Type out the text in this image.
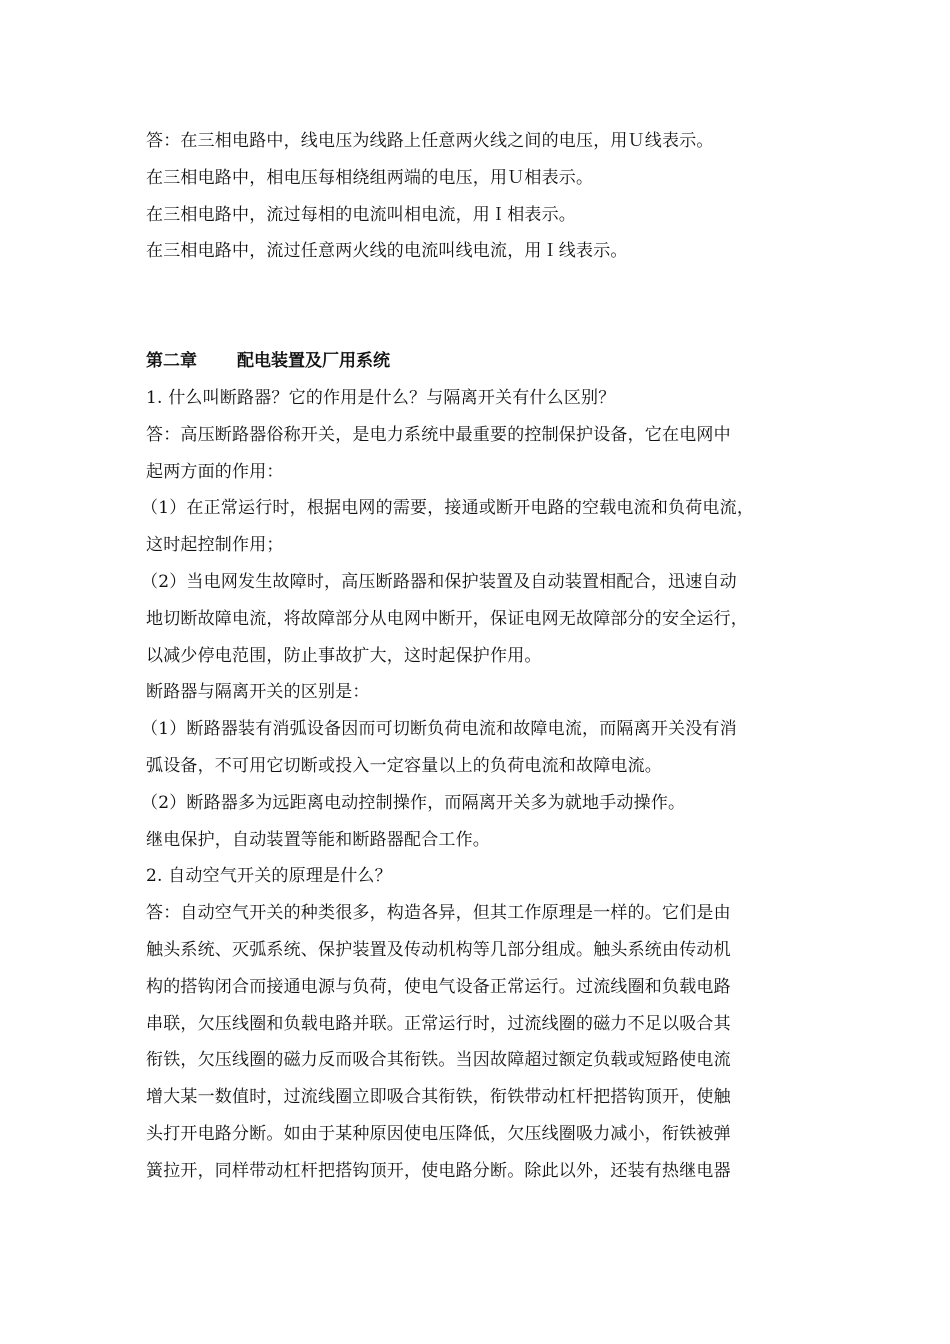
答：在三相电路中，线电压为线路上任意两火线之间的电压，用Ｕ线表示。
在三相电路中，相电压每相绕组两端的电压，用Ｕ相表示。
在三相电路中，流过每相的电流叫相电流，用Ｉ相表示。
在三相电路中，流过任意两火线的电流叫线电流，用Ｉ线表示。
第二章 配电装置及厂用系统
1. 什么叫断路器？它的作用是什么？与隔离开关有什么区别？
答：高压断路器俗称开关，是电力系统中最重要的控制保护设备，它在电网中
起两方面的作用：
（1）在正常运行时，根据电网的需要，接通或断开电路的空载电流和负荷电流，
这时起控制作用；
（2）当电网发生故障时，高压断路器和保护装置及自动装置相配合，迅速自动
地切断故障电流，将故障部分从电网中断开，保证电网无故障部分的安全运行，
以减少停电范围，防止事故扩大，这时起保护作用。
断路器与隔离开关的区别是：
（1）断路器装有消弧设备因而可切断负荷电流和故障电流，而隔离开关没有消
弧设备，不可用它切断或投入一定容量以上的负荷电流和故障电流。
（2）断路器多为远距离电动控制操作，而隔离开关多为就地手动操作。
继电保护，自动装置等能和断路器配合工作。
2. 自动空气开关的原理是什么？
答：自动空气开关的种类很多，构造各异，但其工作原理是一样的。它们是由
触头系统、灭弧系统、保护装置及传动机构等几部分组成。触头系统由传动机
构的搭钩闭合而接通电源与负荷，使电气设备正常运行。过流线圈和负载电路
串联，欠压线圈和负载电路并联。正常运行时，过流线圈的磁力不足以吸合其
衔铁，欠压线圈的磁力反而吸合其衔铁。当因故障超过额定负载或短路使电流
增大某一数值时，过流线圈立即吸合其衔铁，衔铁带动杠杆把搭钩顶开，使触
头打开电路分断。如由于某种原因使电压降低，欠压线圈吸力减小，衔铁被弹
簧拉开，同样带动杠杆把搭钩顶开，使电路分断。除此以外，还装有热继电器
